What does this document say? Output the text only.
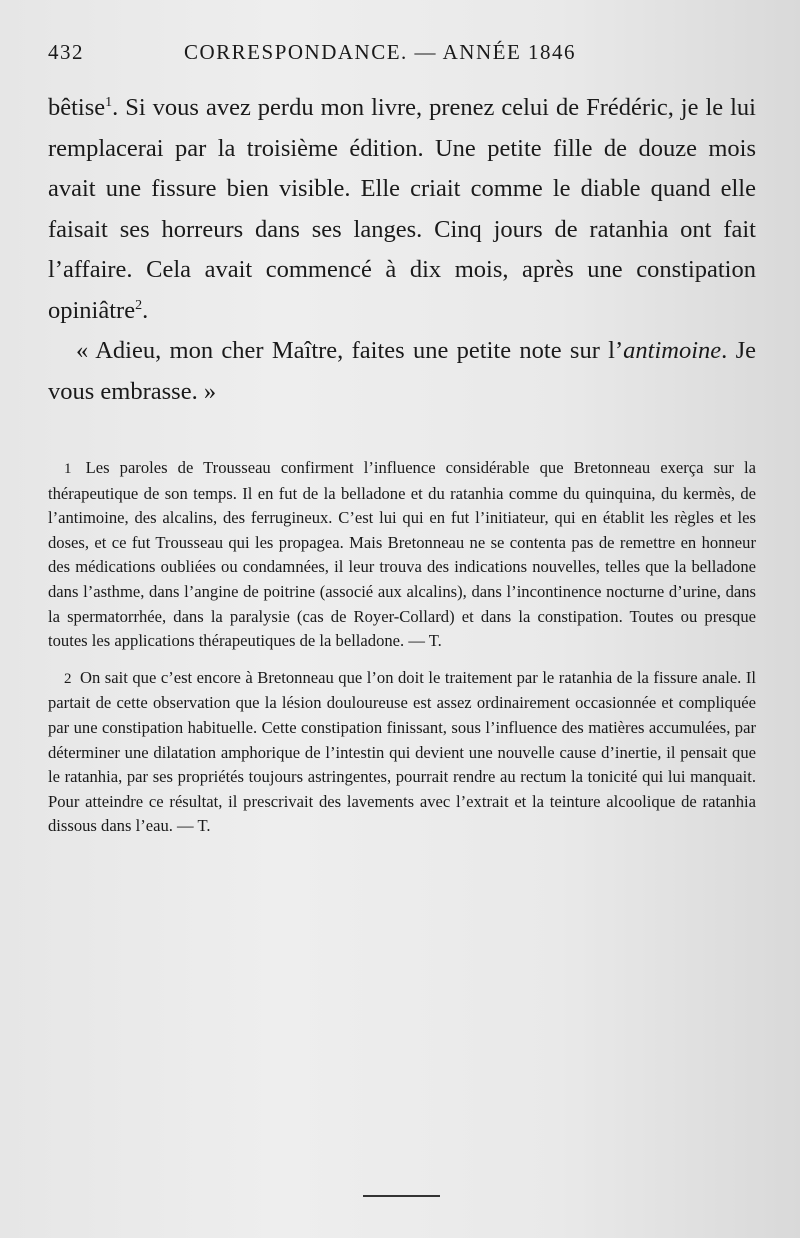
432	CORRESPONDANCE. — ANNÉE 1846

bêtise$^1$. Si vous avez perdu mon livre, prenez celui de Frédéric, je le lui remplacerai par la troisième édition. Une petite fille de douze mois avait une fissure bien visible. Elle criait comme le diable quand elle faisait ses horreurs dans ses langes. Cinq jours de ratanhia ont fait l’affaire. Cela avait commencé à dix mois, après une constipation opiniâtre$^2$.

« Adieu, mon cher Maître, faites une petite note sur l’antimoine. Je vous embrasse. »

1 Les paroles de Trousseau confirment l’influence considérable que Bretonneau exerça sur la thérapeutique de son temps. Il en fut de la belladone et du ratanhia comme du quinquina, du kermès, de l’antimoine, des alcalins, des ferrugineux. C’est lui qui en fut l’initiateur, qui en établit les règles et les doses, et ce fut Trousseau qui les propagea. Mais Bretonneau ne se contenta pas de remettre en honneur des médications oubliées ou condamnées, il leur trouva des indications nouvelles, telles que la belladone dans l’asthme, dans l’angine de poitrine (associé aux alcalins), dans l’incontinence nocturne d’urine, dans la spermatorrhée, dans la paralysie (cas de Royer-Collard) et dans la constipation. Toutes ou presque toutes les applications thérapeutiques de la belladone. — T.

2 On sait que c’est encore à Bretonneau que l’on doit le traitement par le ratanhia de la fissure anale. Il partait de cette observation que la lésion douloureuse est assez ordinairement occasionnée et compliquée par une constipation habituelle. Cette constipation finissant, sous l’influence des matières accumulées, par déterminer une dilatation amphorique de l’intestin qui devient une nouvelle cause d’inertie, il pensait que le ratanhia, par ses propriétés toujours astringentes, pourrait rendre au rectum la tonicité qui lui manquait. Pour atteindre ce résultat, il prescrivait des lavements avec l’extrait et la teinture alcoolique de ratanhia dissous dans l’eau. — T.
